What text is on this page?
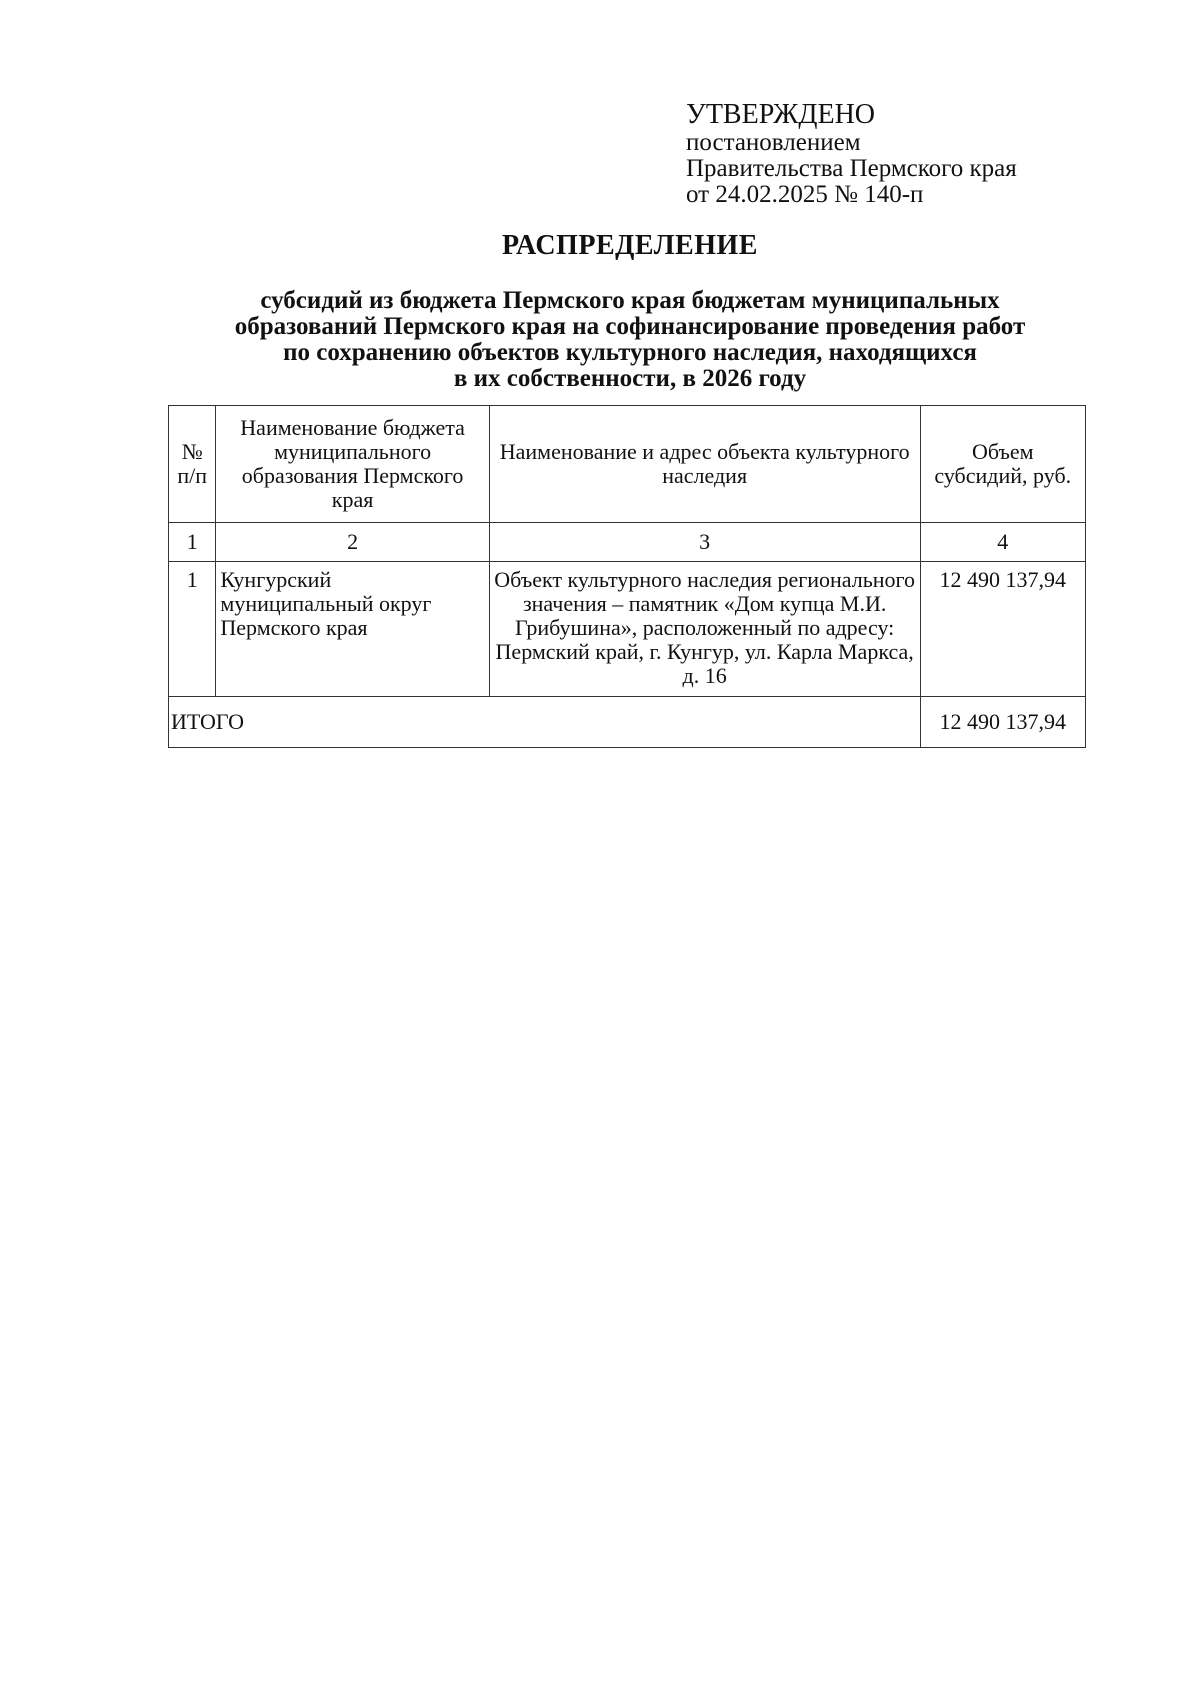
УТВЕРЖДЕНО
постановлением
Правительства Пермского края
от 24.02.2025 № 140-п
РАСПРЕДЕЛЕНИЕ
субсидий из бюджета Пермского края бюджетам муниципальных
образований Пермского края на софинансирование проведения работ
по сохранению объектов культурного наследия, находящихся
в их собственности, в 2026 году
№ п/п	Наименование бюджета муниципального образования Пермского края	Наименование и адрес объекта культурного наследия	Объем субсидий, руб.
1	2	3	4
1	Кунгурский муниципальный округ Пермского края	Объект культурного наследия регионального значения – памятник «Дом купца М.И. Грибушина», расположенный по адресу: Пермский край, г. Кунгур, ул. Карла Маркса, д. 16	12 490 137,94
ИТОГО			12 490 137,94
